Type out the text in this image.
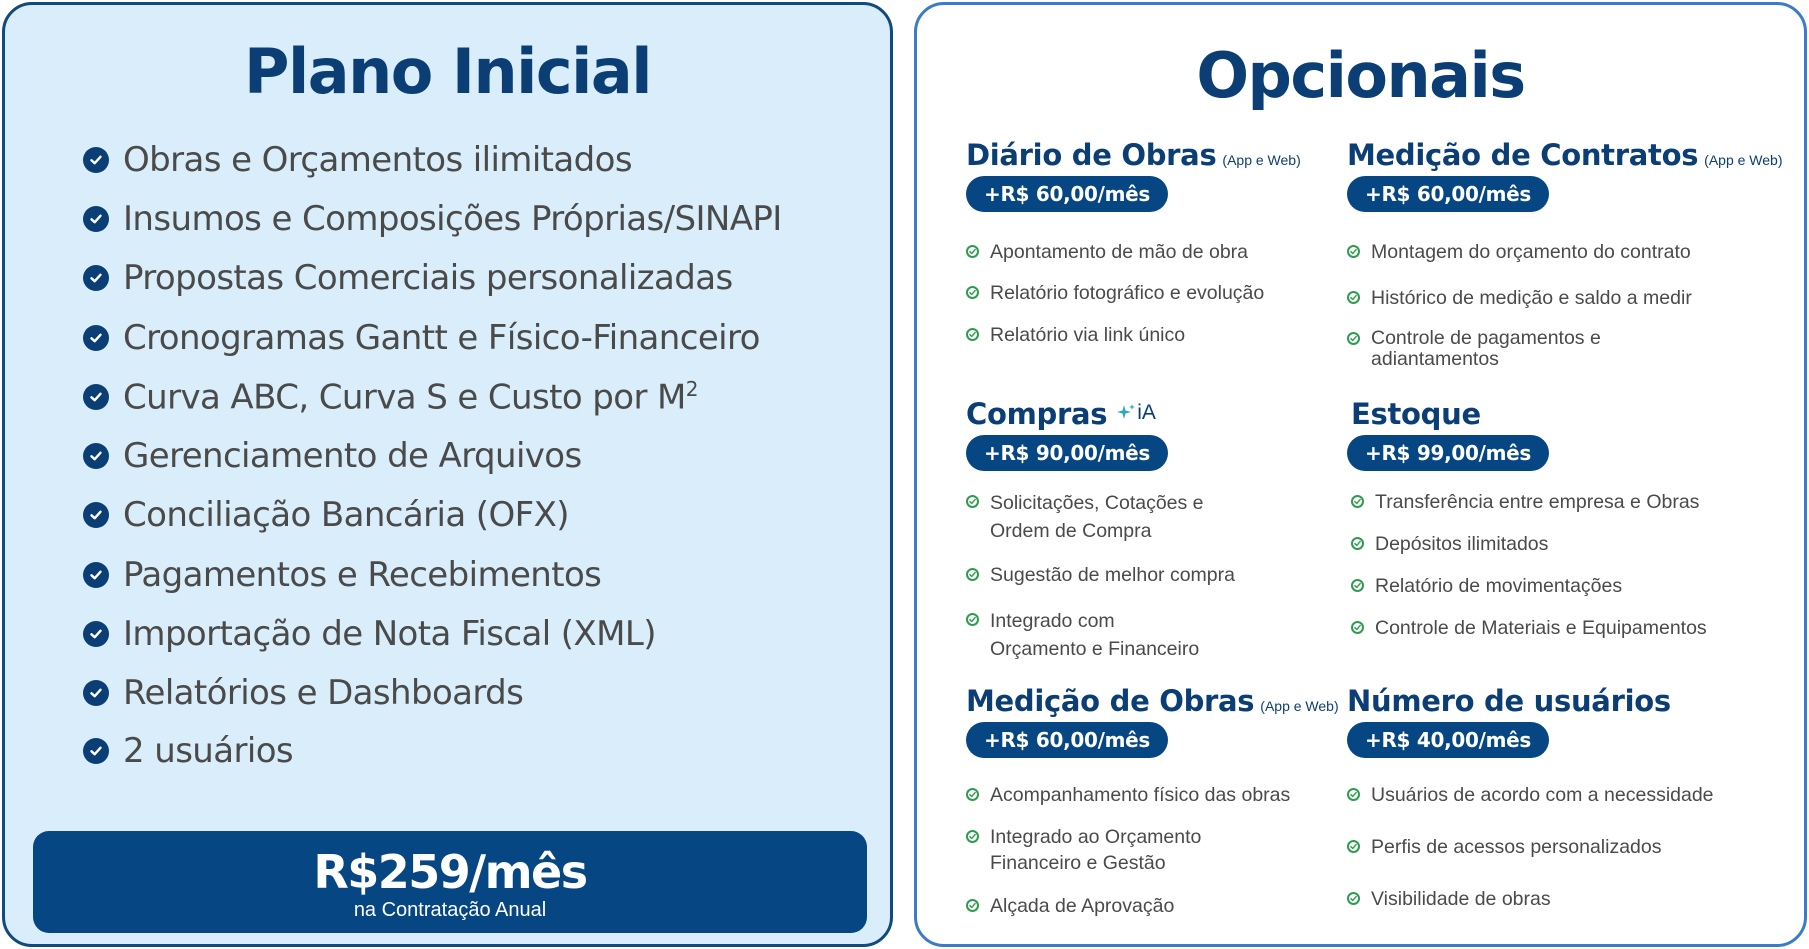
Plano Inicial
Obras e Orçamentos ilimitados
Insumos e Composições Próprias/SINAPI
Propostas Comerciais personalizadas
Cronogramas Gantt e Físico-Financeiro
Curva ABC, Curva S e Custo por $M^2$
Gerenciamento de Arquivos
Conciliação Bancária (OFX)
Pagamentos e Recebimentos
Importação de Nota Fiscal (XML)
Relatórios e Dashboards
2 usuários
R$259/mês
na Contratação Anual
Opcionais
Diário de Obras (App e Web)
+R$ 60,00/mês
Apontamento de mão de obra
Relatório fotográfico e evolução
Relatório via link único
Medição de Contratos (App e Web)
+R$ 60,00/mês
Montagem do orçamento do contrato
Histórico de medição e saldo a medir
Controle de pagamentos e adiantamentos
Compras iA
+R$ 90,00/mês
Solicitações, Cotações e Ordem de Compra
Sugestão de melhor compra
Integrado com Orçamento e Financeiro
Estoque
+R$ 99,00/mês
Transferência entre empresa e Obras
Depósitos ilimitados
Relatório de movimentações
Controle de Materiais e Equipamentos
Medição de Obras (App e Web)
+R$ 60,00/mês
Acompanhamento físico das obras
Integrado ao Orçamento Financeiro e Gestão
Alçada de Aprovação
Número de usuários
+R$ 40,00/mês
Usuários de acordo com a necessidade
Perfis de acessos personalizados
Visibilidade de obras
